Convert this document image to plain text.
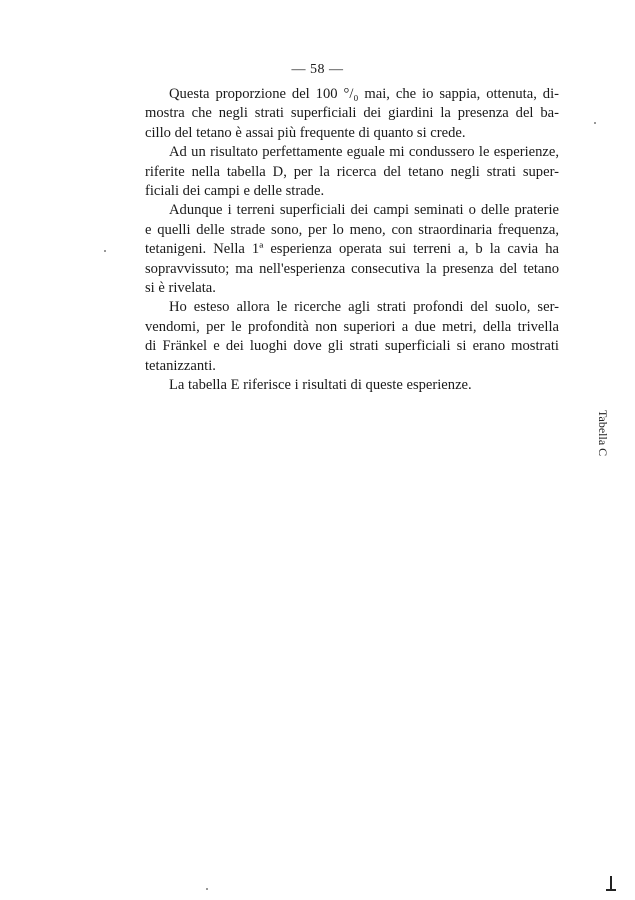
— 58 —

Questa proporzione del 100 °/₀ mai, che io sappia, ottenuta, di-
mostra che negli strati superficiali dei giardini la presenza del ba-
cillo del tetano è assai più frequente di quanto si crede.

Ad un risultato perfettamente eguale mi condussero le esperienze,
riferite nella tabella D, per la ricerca del tetano negli strati super-
ficiali dei campi e delle strade.

Adunque i terreni superficiali dei campi seminati o delle praterie
e quelli delle strade sono, per lo meno, con straordinaria frequenza,
tetanigeni. Nella 1ª esperienza operata sui terreni a, b la cavia ha
sopravvissuto; ma nell'esperienza consecutiva la presenza del tetano
si è rivelata.

Ho esteso allora le ricerche agli strati profondi del suolo, ser-
vendomi, per le profondità non superiori a due metri, della trivella
di Fränkel e dei luoghi dove gli strati superficiali si erano mostrati
tetanizzanti.

La tabella E riferisce i risultati di queste esperienze.

Tabella C
